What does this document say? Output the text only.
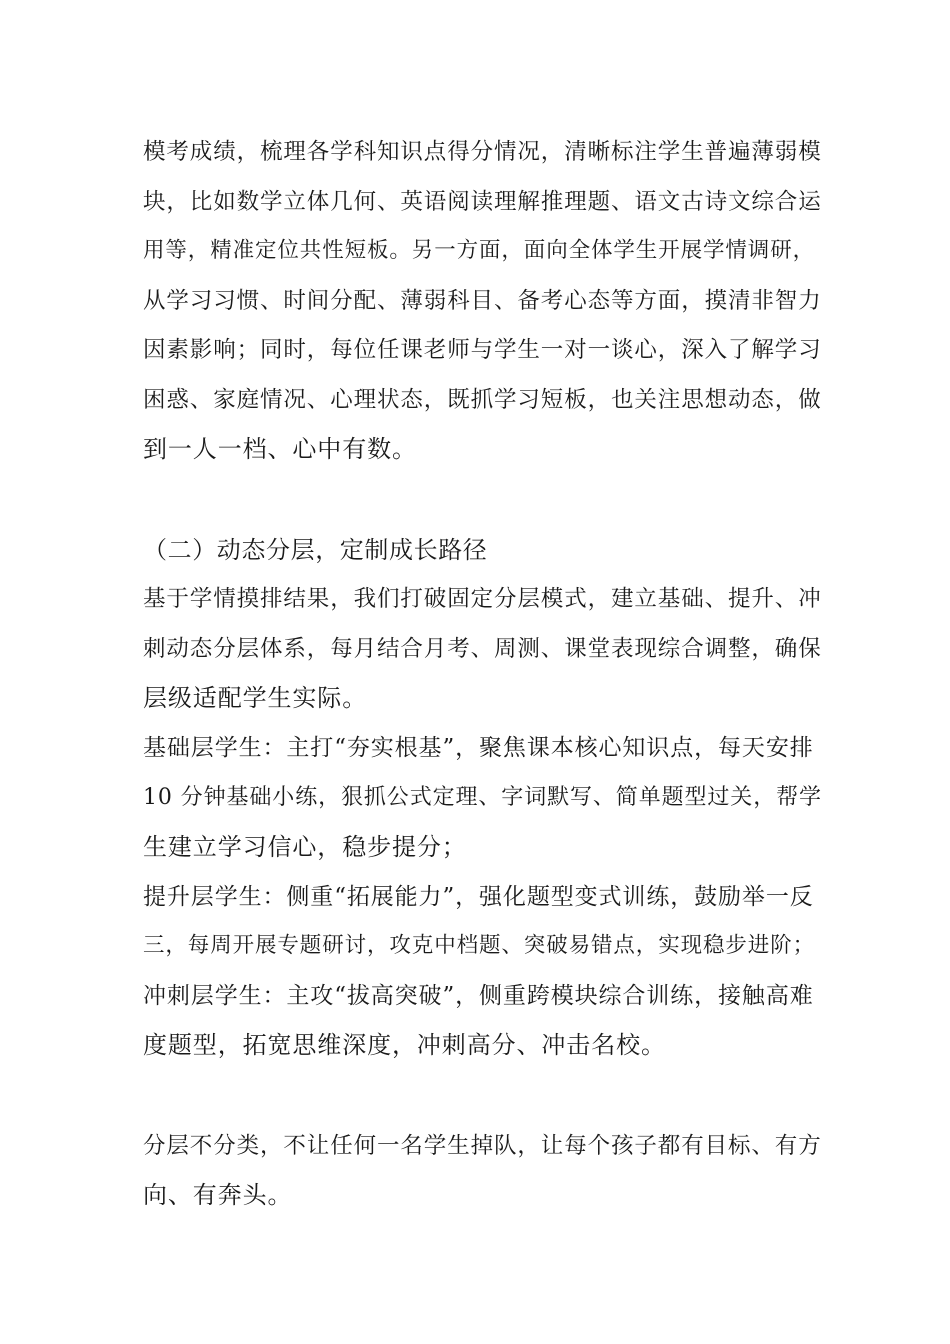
模考成绩，梳理各学科知识点得分情况，清晰标注学生普遍薄弱模
块，比如数学立体几何、英语阅读理解推理题、语文古诗文综合运
用等，精准定位共性短板。另一方面，面向全体学生开展学情调研，
从学习习惯、时间分配、薄弱科目、备考心态等方面，摸清非智力
因素影响；同时，每位任课老师与学生一对一谈心，深入了解学习
困惑、家庭情况、心理状态，既抓学习短板，也关注思想动态，做
到一人一档、心中有数。
（二）动态分层，定制成长路径
基于学情摸排结果，我们打破固定分层模式，建立基础、提升、冲
刺动态分层体系，每月结合月考、周测、课堂表现综合调整，确保
层级适配学生实际。
基础层学生：主打“夯实根基”，聚焦课本核心知识点，每天安排
10 分钟基础小练，狠抓公式定理、字词默写、简单题型过关，帮学
生建立学习信心，稳步提分；
提升层学生：侧重“拓展能力”，强化题型变式训练，鼓励举一反
三，每周开展专题研讨，攻克中档题、突破易错点，实现稳步进阶；
冲刺层学生：主攻“拔高突破”，侧重跨模块综合训练，接触高难
度题型，拓宽思维深度，冲刺高分、冲击名校。
分层不分类，不让任何一名学生掉队，让每个孩子都有目标、有方
向、有奔头。
